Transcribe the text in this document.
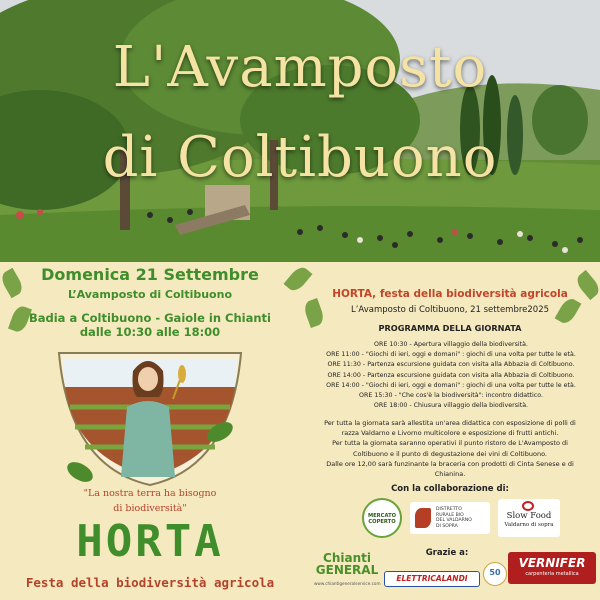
L'Avamposto
di Coltibuono
Domenica 21 Settembre
L’Avamposto di Coltibuono
Badia a Coltibuono - Gaiole in Chianti
dalle 10:30 alle 18:00
"La nostra terra ha bisogno
di biodiversità"
HORTA
Festa della biodiversità agricola
HORTA, festa della biodiversità agricola
L’Avamposto di Coltibuono, 21 settembre2025
PROGRAMMA DELLA GIORNATA
ORE 10:30 - Apertura villaggio della biodiversità.
ORE 11:00 - "Giochi di ieri, oggi e domani" : giochi di una volta per tutte le età.
ORE 11:30 - Partenza escursione guidata con visita alla Abbazia di Coltibuono.
ORE 14:00 - Partenza escursione guidata con visita alla Abbazia di Coltibuono.
ORE 14:00 - "Giochi di ieri, oggi e domani" : giochi di una volta per tutte le età.
ORE 15:30 - "Che cos'è la biodiversità": incontro didattico.
ORE 18:00 - Chiusura villaggio della biodiversità.
Per tutta la giornata sarà allestita un'area didattica con esposizione di polli di
razza Valdarno e Livorno multicolore e esposizione di frutti antichi.
Per tutta la giornata saranno operativi il punto ristoro de L'Avamposto di
Coltibuono e il punto di degustazione dei vini di Coltibuono.
Dalle ore 12,00 sarà funzinante la braceria con prodotti di Cinta Senese e di
Chianina.
Con la collaborazione di:
MERCATO COPERTO
DISTRETTO
RURALE BIO
DEL VALDARNO
DI SOPRA
Slow Food
Valdarno di sopra
Grazie a:
Chianti
GENERAL
www.chiantigeneralservice.com
ELETTRICALANDI
50
VERNIFER
carpenteria metallica
